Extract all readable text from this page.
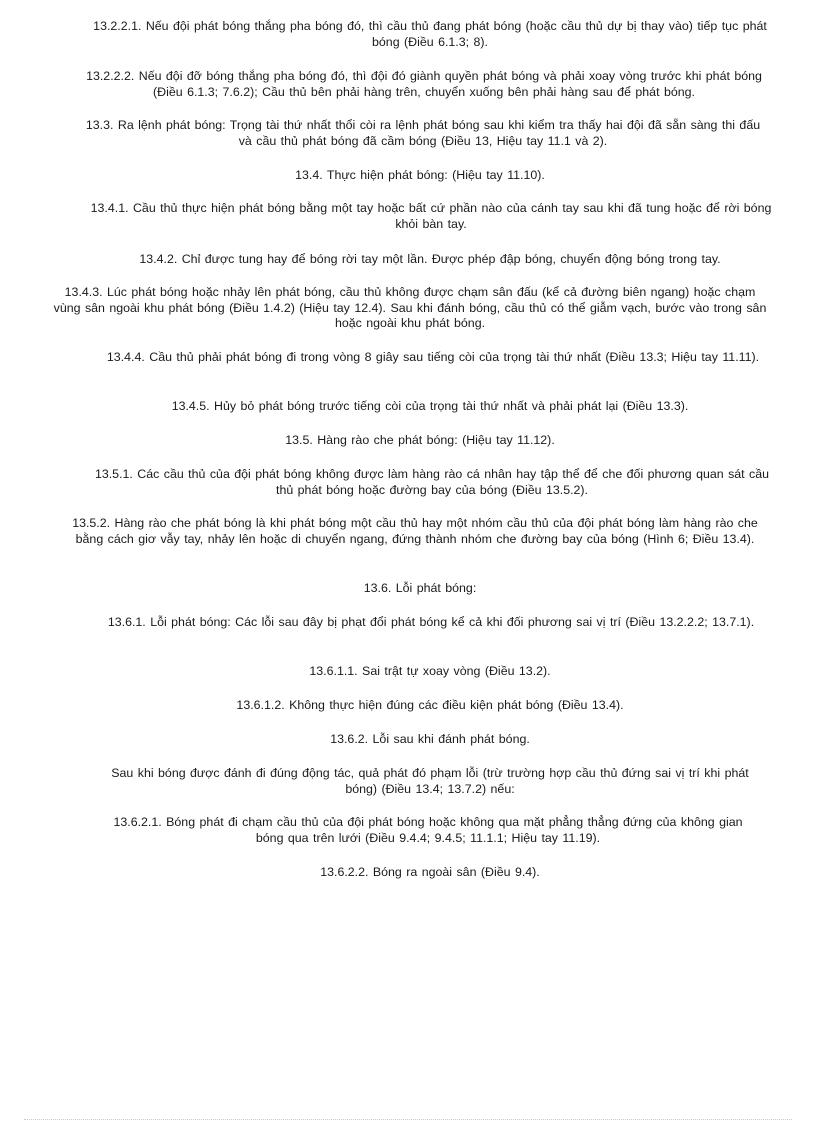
13.2.2.1. Nếu đội phát bóng thắng pha bóng đó, thì cầu thủ đang phát bóng (hoặc cầu thủ dự bị thay vào) tiếp tục phát bóng (Điều 6.1.3; 8).

13.2.2.2. Nếu đội đỡ bóng thắng pha bóng đó, thì đội đó giành quyền phát bóng và phải xoay vòng trước khi phát bóng (Điều 6.1.3; 7.6.2); Cầu thủ bên phải hàng trên, chuyển xuống bên phải hàng sau để phát bóng.

13.3. Ra lệnh phát bóng: Trọng tài thứ nhất thổi còi ra lệnh phát bóng sau khi kiểm tra thấy hai đội đã sẵn sàng thi đấu và cầu thủ phát bóng đã cầm bóng (Điều 13, Hiệu tay 11.1 và 2).

13.4. Thực hiện phát bóng: (Hiệu tay 11.10).

13.4.1. Cầu thủ thực hiện phát bóng bằng một tay hoặc bất cứ phần nào của cánh tay sau khi đã tung hoặc để rời bóng khỏi bàn tay.

13.4.2. Chỉ được tung hay để bóng rời tay một lần. Được phép đập bóng, chuyển động bóng trong tay.

13.4.3. Lúc phát bóng hoặc nhảy lên phát bóng, cầu thủ không được chạm sân đấu (kể cả đường biên ngang) hoặc chạm vùng sân ngoài khu phát bóng (Điều 1.4.2) (Hiệu tay 12.4). Sau khi đánh bóng, cầu thủ có thể giẫm vạch, bước vào trong sân hoặc ngoài khu phát bóng.

13.4.4. Cầu thủ phải phát bóng đi trong vòng 8 giây sau tiếng còi của trọng tài thứ nhất (Điều 13.3; Hiệu tay 11.11).

13.4.5. Hủy bỏ phát bóng trước tiếng còi của trọng tài thứ nhất và phải phát lại (Điều 13.3).

13.5. Hàng rào che phát bóng: (Hiệu tay 11.12).

13.5.1. Các cầu thủ của đội phát bóng không được làm hàng rào cá nhân hay tập thể để che đối phương quan sát cầu thủ phát bóng hoặc đường bay của bóng (Điều 13.5.2).

13.5.2. Hàng rào che phát bóng là khi phát bóng một cầu thủ hay một nhóm cầu thủ của đội phát bóng làm hàng rào che bằng cách giơ vẫy tay, nhảy lên hoặc di chuyển ngang, đứng thành nhóm che đường bay của bóng (Hình 6; Điều 13.4).

13.6. Lỗi phát bóng:

13.6.1. Lỗi phát bóng: Các lỗi sau đây bị phạt đổi phát bóng kể cả khi đối phương sai vị trí (Điều 13.2.2.2; 13.7.1).

13.6.1.1. Sai trật tự xoay vòng (Điều 13.2).

13.6.1.2. Không thực hiện đúng các điều kiện phát bóng (Điều 13.4).

13.6.2. Lỗi sau khi đánh phát bóng.

Sau khi bóng được đánh đi đúng động tác, quả phát đó phạm lỗi (trừ trường hợp cầu thủ đứng sai vị trí khi phát bóng) (Điều 13.4; 13.7.2) nếu:

13.6.2.1. Bóng phát đi chạm cầu thủ của đội phát bóng hoặc không qua mặt phẳng thẳng đứng của không gian bóng qua trên lưới (Điều 9.4.4; 9.4.5; 11.1.1; Hiệu tay 11.19).

13.6.2.2. Bóng ra ngoài sân (Điều 9.4).
